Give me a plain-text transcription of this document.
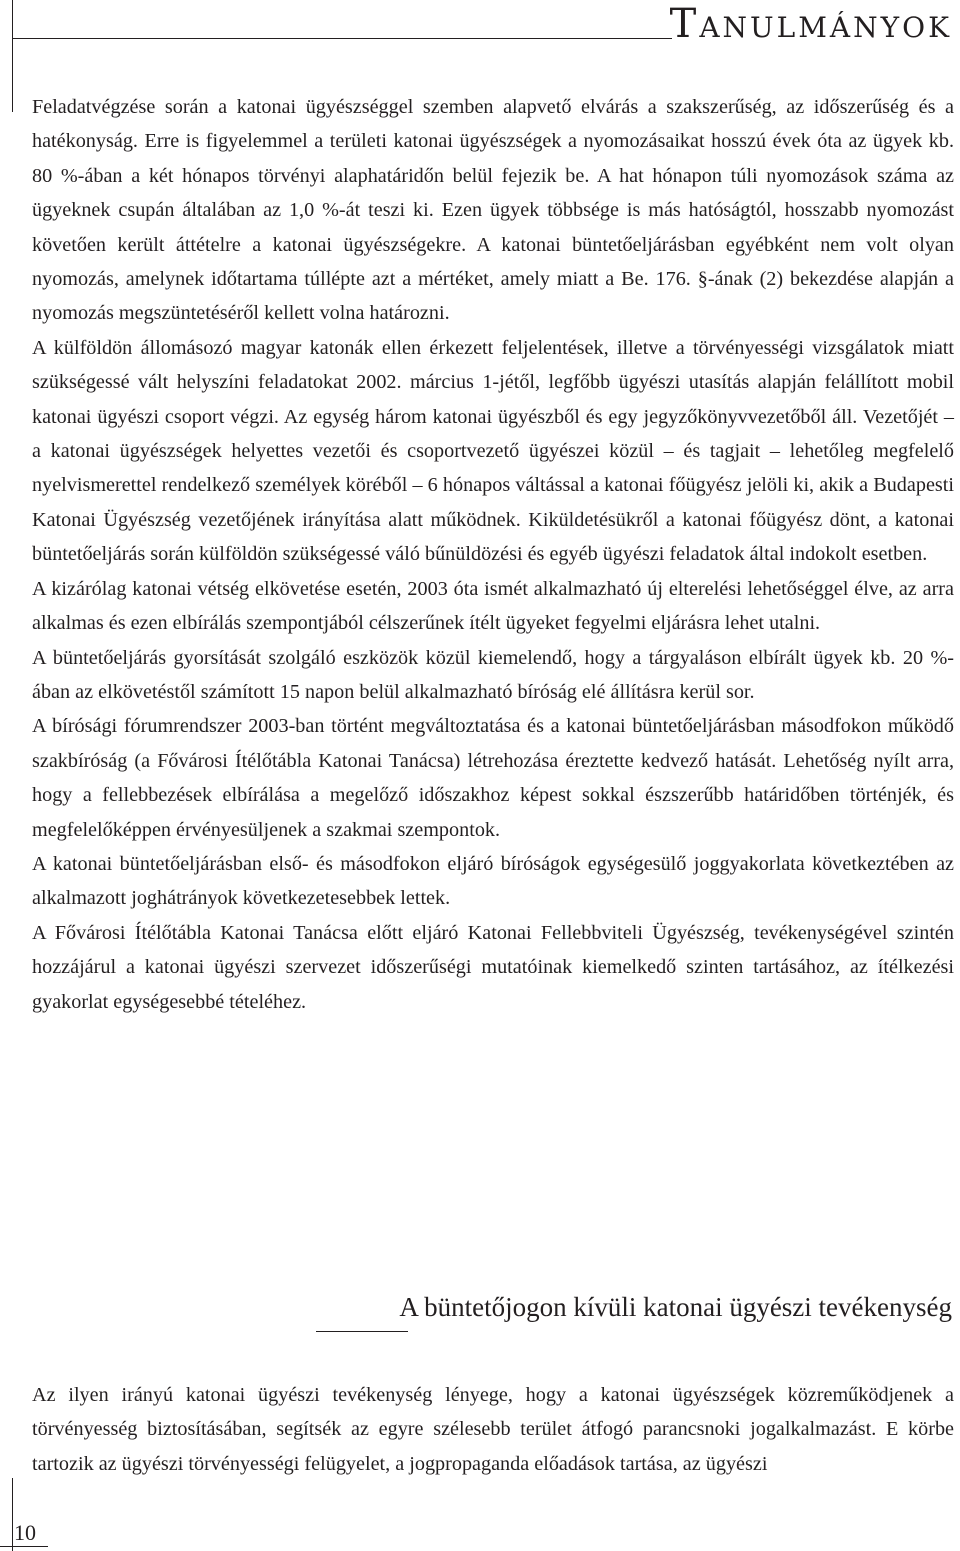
Tanulmányok

Feladatvégzése során a katonai ügyészséggel szemben alapvető elvárás a szakszerűség, az időszerűség és a hatékonyság. Erre is figyelemmel a területi katonai ügyészségek a nyomozásaikat hosszú évek óta az ügyek kb. 80 %-ában a két hónapos törvényi alaphatáridőn belül fejezik be. A hat hónapon túli nyomozások száma az ügyeknek csupán általában az 1,0 %-át teszi ki. Ezen ügyek többsége is más hatóságtól, hosszabb nyomozást követően került áttételre a katonai ügyészségekre. A katonai büntetőeljárásban egyébként nem volt olyan nyomozás, amelynek időtartama túllépte azt a mértéket, amely miatt a Be. 176. §-ának (2) bekezdése alapján a nyomozás megszüntetéséről kellett volna határozni.

A külföldön állomásozó magyar katonák ellen érkezett feljelentések, illetve a törvényességi vizsgálatok miatt szükségessé vált helyszíni feladatokat 2002. március 1-jétől, legfőbb ügyészi utasítás alapján felállított mobil katonai ügyészi csoport végzi. Az egység három katonai ügyészből és egy jegyzőkönyvvezetőből áll. Vezetőjét – a katonai ügyészségek helyettes vezetői és csoportvezető ügyészei közül – és tagjait – lehetőleg megfelelő nyelvismerettel rendelkező személyek köréből – 6 hónapos váltással a katonai főügyész jelöli ki, akik a Budapesti Katonai Ügyészség vezetőjének irányítása alatt működnek. Kiküldetésükről a katonai főügyész dönt, a katonai büntetőeljárás során külföldön szükségessé váló bűnüldözési és egyéb ügyészi feladatok által indokolt esetben.

A kizárólag katonai vétség elkövetése esetén, 2003 óta ismét alkalmazható új elterelési lehetőséggel élve, az arra alkalmas és ezen elbírálás szempontjából célszerűnek ítélt ügyeket fegyelmi eljárásra lehet utalni.

A büntetőeljárás gyorsítását szolgáló eszközök közül kiemelendő, hogy a tárgyaláson elbírált ügyek kb. 20 %-ában az elkövetéstől számított 15 napon belül alkalmazható bíróság elé állításra kerül sor.

A bírósági fórumrendszer 2003-ban történt megváltoztatása és a katonai büntetőeljárásban másodfokon működő szakbíróság (a Fővárosi Ítélőtábla Katonai Tanácsa) létrehozása éreztette kedvező hatását. Lehetőség nyílt arra, hogy a fellebbezések elbírálása a megelőző időszakhoz képest sokkal észszerűbb határidőben történjék, és megfelelőképpen érvényesüljenek a szakmai szempontok.

A katonai büntetőeljárásban első- és másodfokon eljáró bíróságok egységesülő joggyakorlata következtében az alkalmazott joghátrányok következetesebbek lettek.

A Fővárosi Ítélőtábla Katonai Tanácsa előtt eljáró Katonai Fellebbviteli Ügyészség, tevékenységével szintén hozzájárul a katonai ügyészi szervezet időszerűségi mutatóinak kiemelkedő szinten tartásához, az ítélkezési gyakorlat egységesebbé tételéhez.

A büntetőjogon kívüli katonai ügyészi tevékenység

Az ilyen irányú katonai ügyészi tevékenység lényege, hogy a katonai ügyészségek közreműködjenek a törvényesség biztosításában, segítsék az egyre szélesebb terület átfogó parancsnoki jogalkalmazást. E körbe tartozik az ügyészi törvényességi felügyelet, a jogpropaganda előadások tartása, az ügyészi

10
